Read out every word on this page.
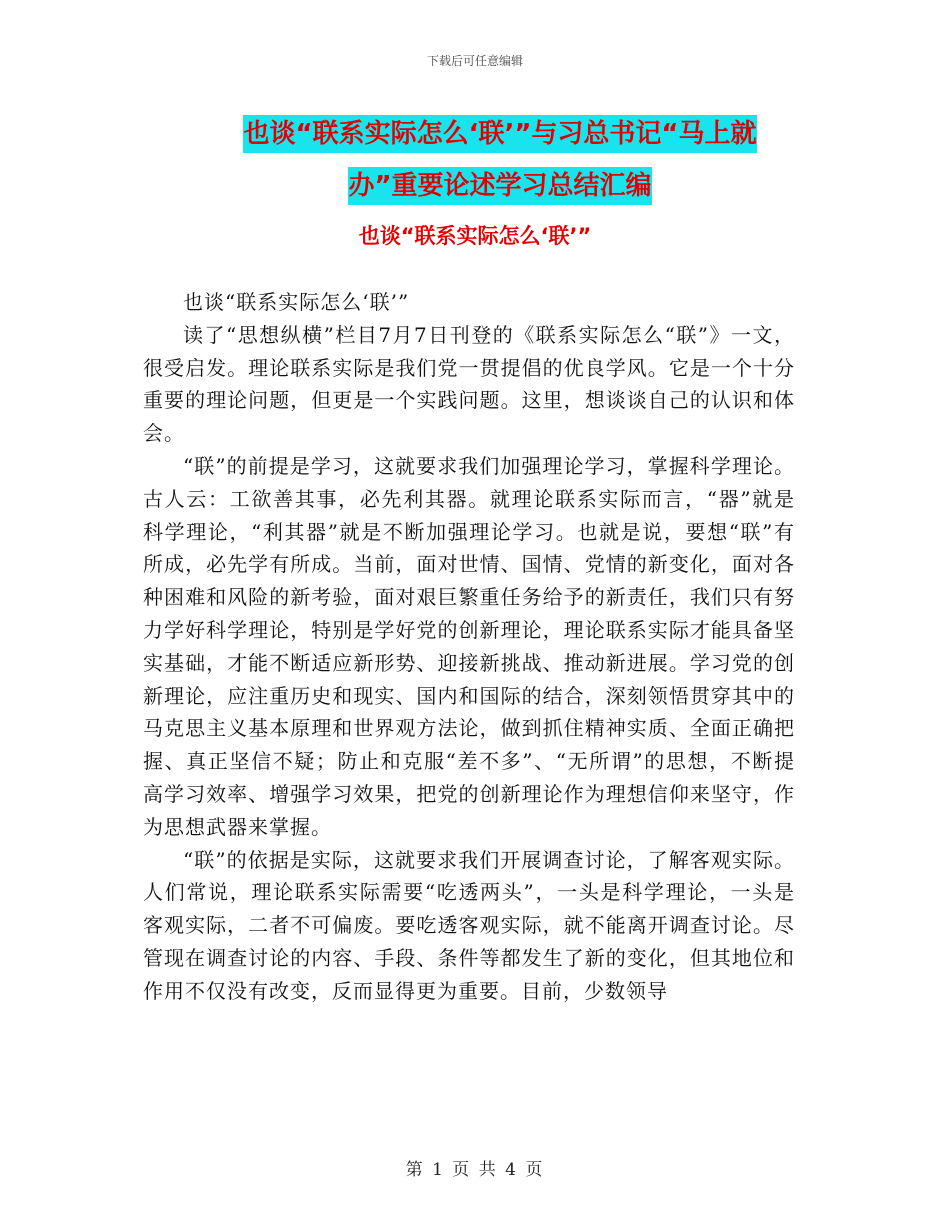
下载后可任意编辑
也谈“联系实际怎么‘联’”与习总书记“马上就
办”重要论述学习总结汇编
也谈“联系实际怎么‘联’”

也谈“联系实际怎么‘联’”

读了“思想纵横”栏目7月7日刊登的《联系实际怎么“联”》一文，很受启发。理论联系实际是我们党一贯提倡的优良学风。它是一个十分重要的理论问题，但更是一个实践问题。这里，想谈谈自己的认识和体会。

“联”的前提是学习，这就要求我们加强理论学习，掌握科学理论。古人云：工欲善其事，必先利其器。就理论联系实际而言，“器”就是科学理论，“利其器”就是不断加强理论学习。也就是说，要想“联”有所成，必先学有所成。当前，面对世情、国情、党情的新变化，面对各种困难和风险的新考验，面对艰巨繁重任务给予的新责任，我们只有努力学好科学理论，特别是学好党的创新理论，理论联系实际才能具备坚实基础，才能不断适应新形势、迎接新挑战、推动新进展。学习党的创新理论，应注重历史和现实、国内和国际的结合，深刻领悟贯穿其中的马克思主义基本原理和世界观方法论，做到抓住精神实质、全面正确把握、真正坚信不疑；防止和克服“差不多”、“无所谓”的思想，不断提高学习效率、增强学习效果，把党的创新理论作为理想信仰来坚守，作为思想武器来掌握。

“联”的依据是实际，这就要求我们开展调查讨论，了解客观实际。人们常说，理论联系实际需要“吃透两头”，一头是科学理论，一头是客观实际，二者不可偏废。要吃透客观实际，就不能离开调查讨论。尽管现在调查讨论的内容、手段、条件等都发生了新的变化，但其地位和作用不仅没有改变，反而显得更为重要。目前，少数领导

第 1 页 共 4 页
